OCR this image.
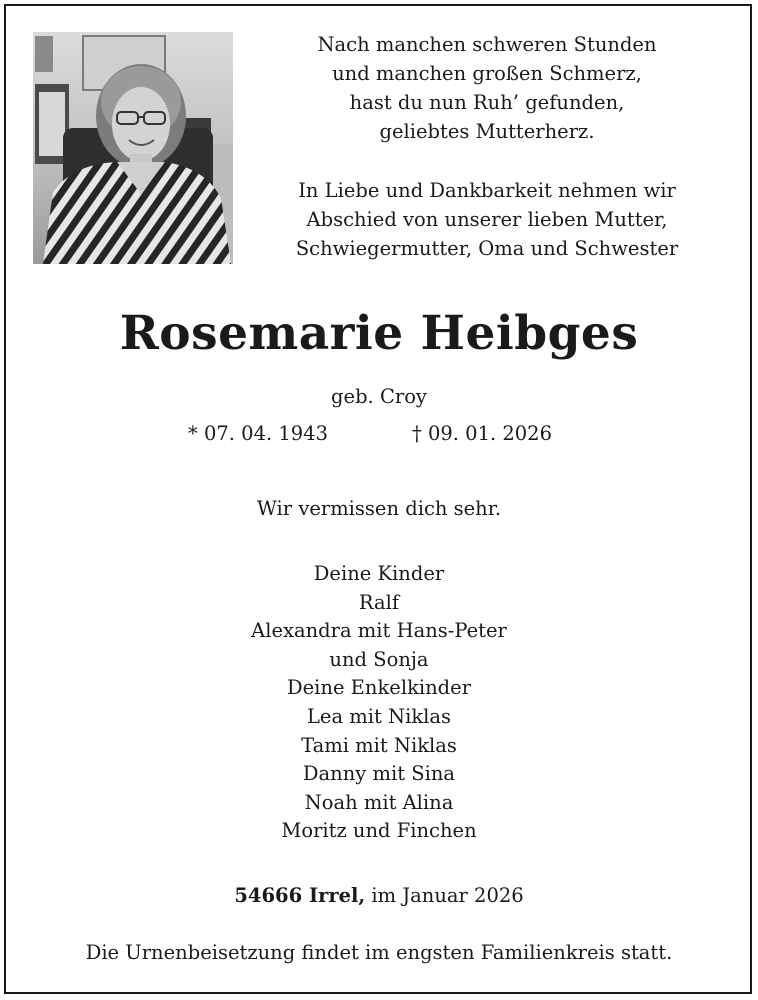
Nach manchen schweren Stunden
und manchen großen Schmerz,
hast du nun Ruh’ gefunden,
geliebtes Mutterherz.
In Liebe und Dankbarkeit nehmen wir
Abschied von unserer lieben Mutter,
Schwiegermutter, Oma und Schwester
Rosemarie Heibges
geb. Croy
* 07. 04. 1943	† 09. 01. 2026
Wir vermissen dich sehr.
Deine Kinder
Ralf
Alexandra mit Hans-Peter
und Sonja
Deine Enkelkinder
Lea mit Niklas
Tami mit Niklas
Danny mit Sina
Noah mit Alina
Moritz und Finchen
54666 Irrel, im Januar 2026
Die Urnenbeisetzung findet im engsten Familienkreis statt.
